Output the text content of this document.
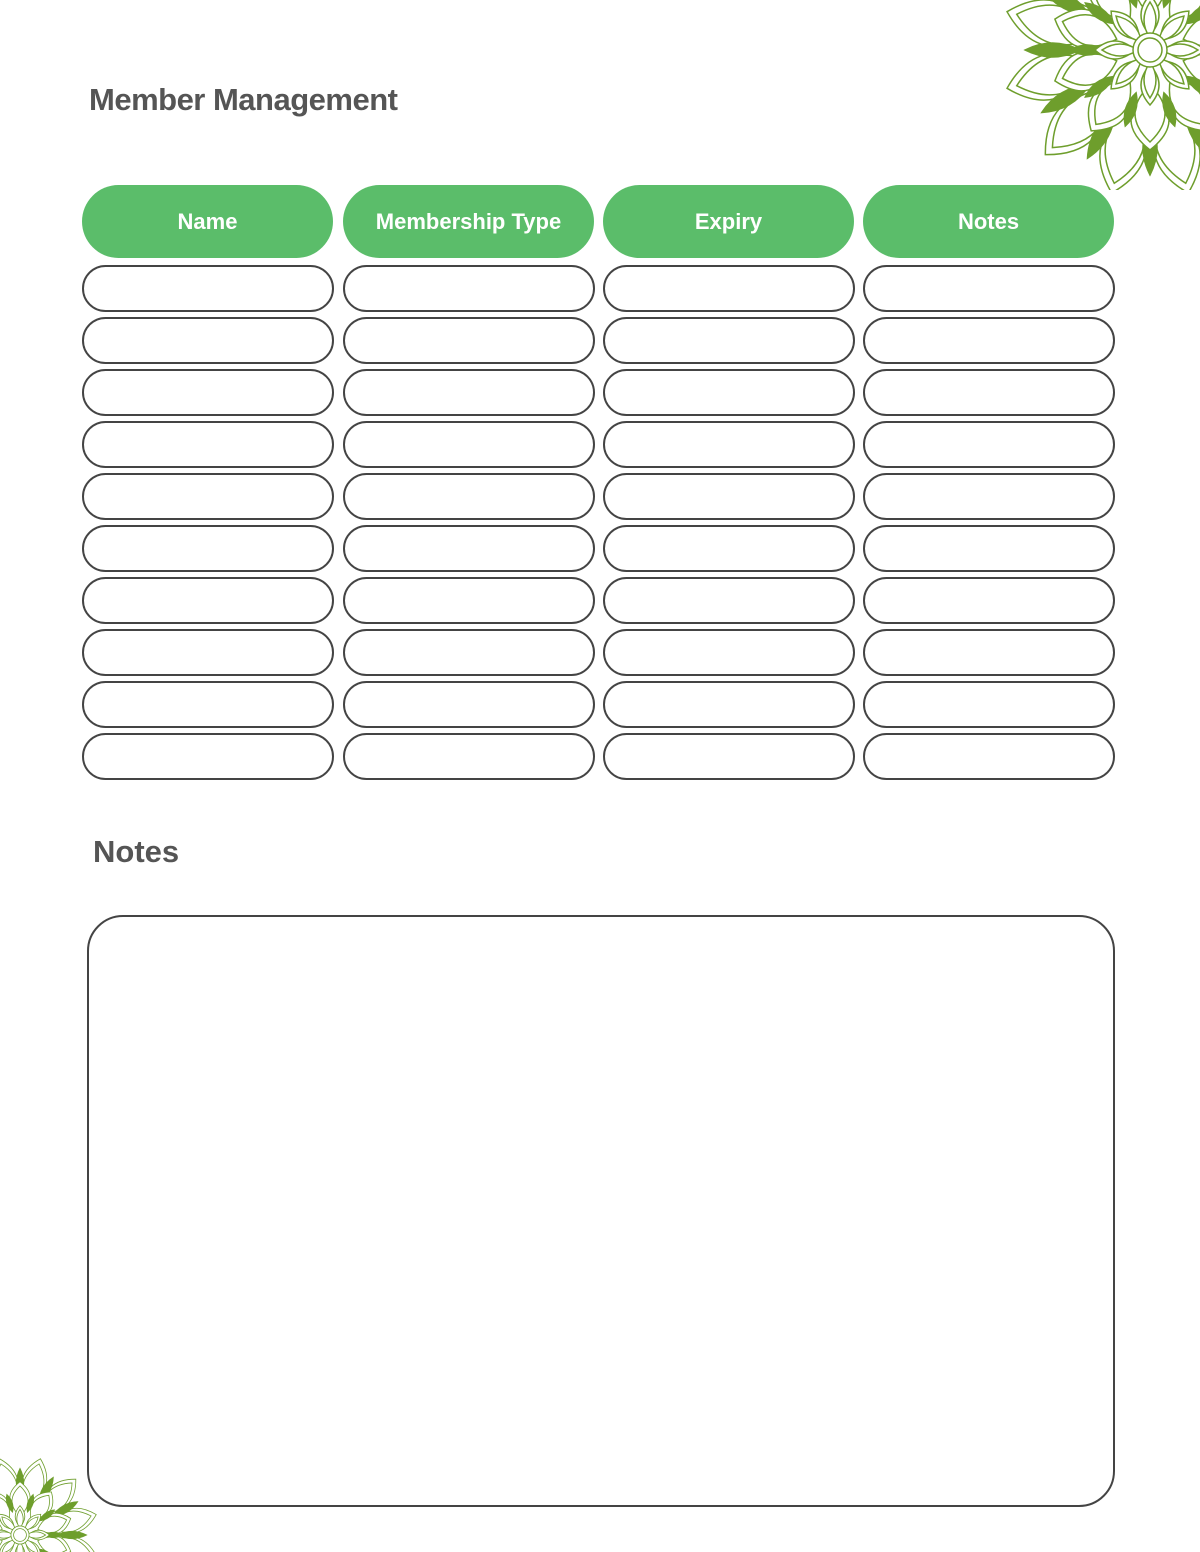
Member Management
Name	Membership Type	Expiry	Notes
Notes
